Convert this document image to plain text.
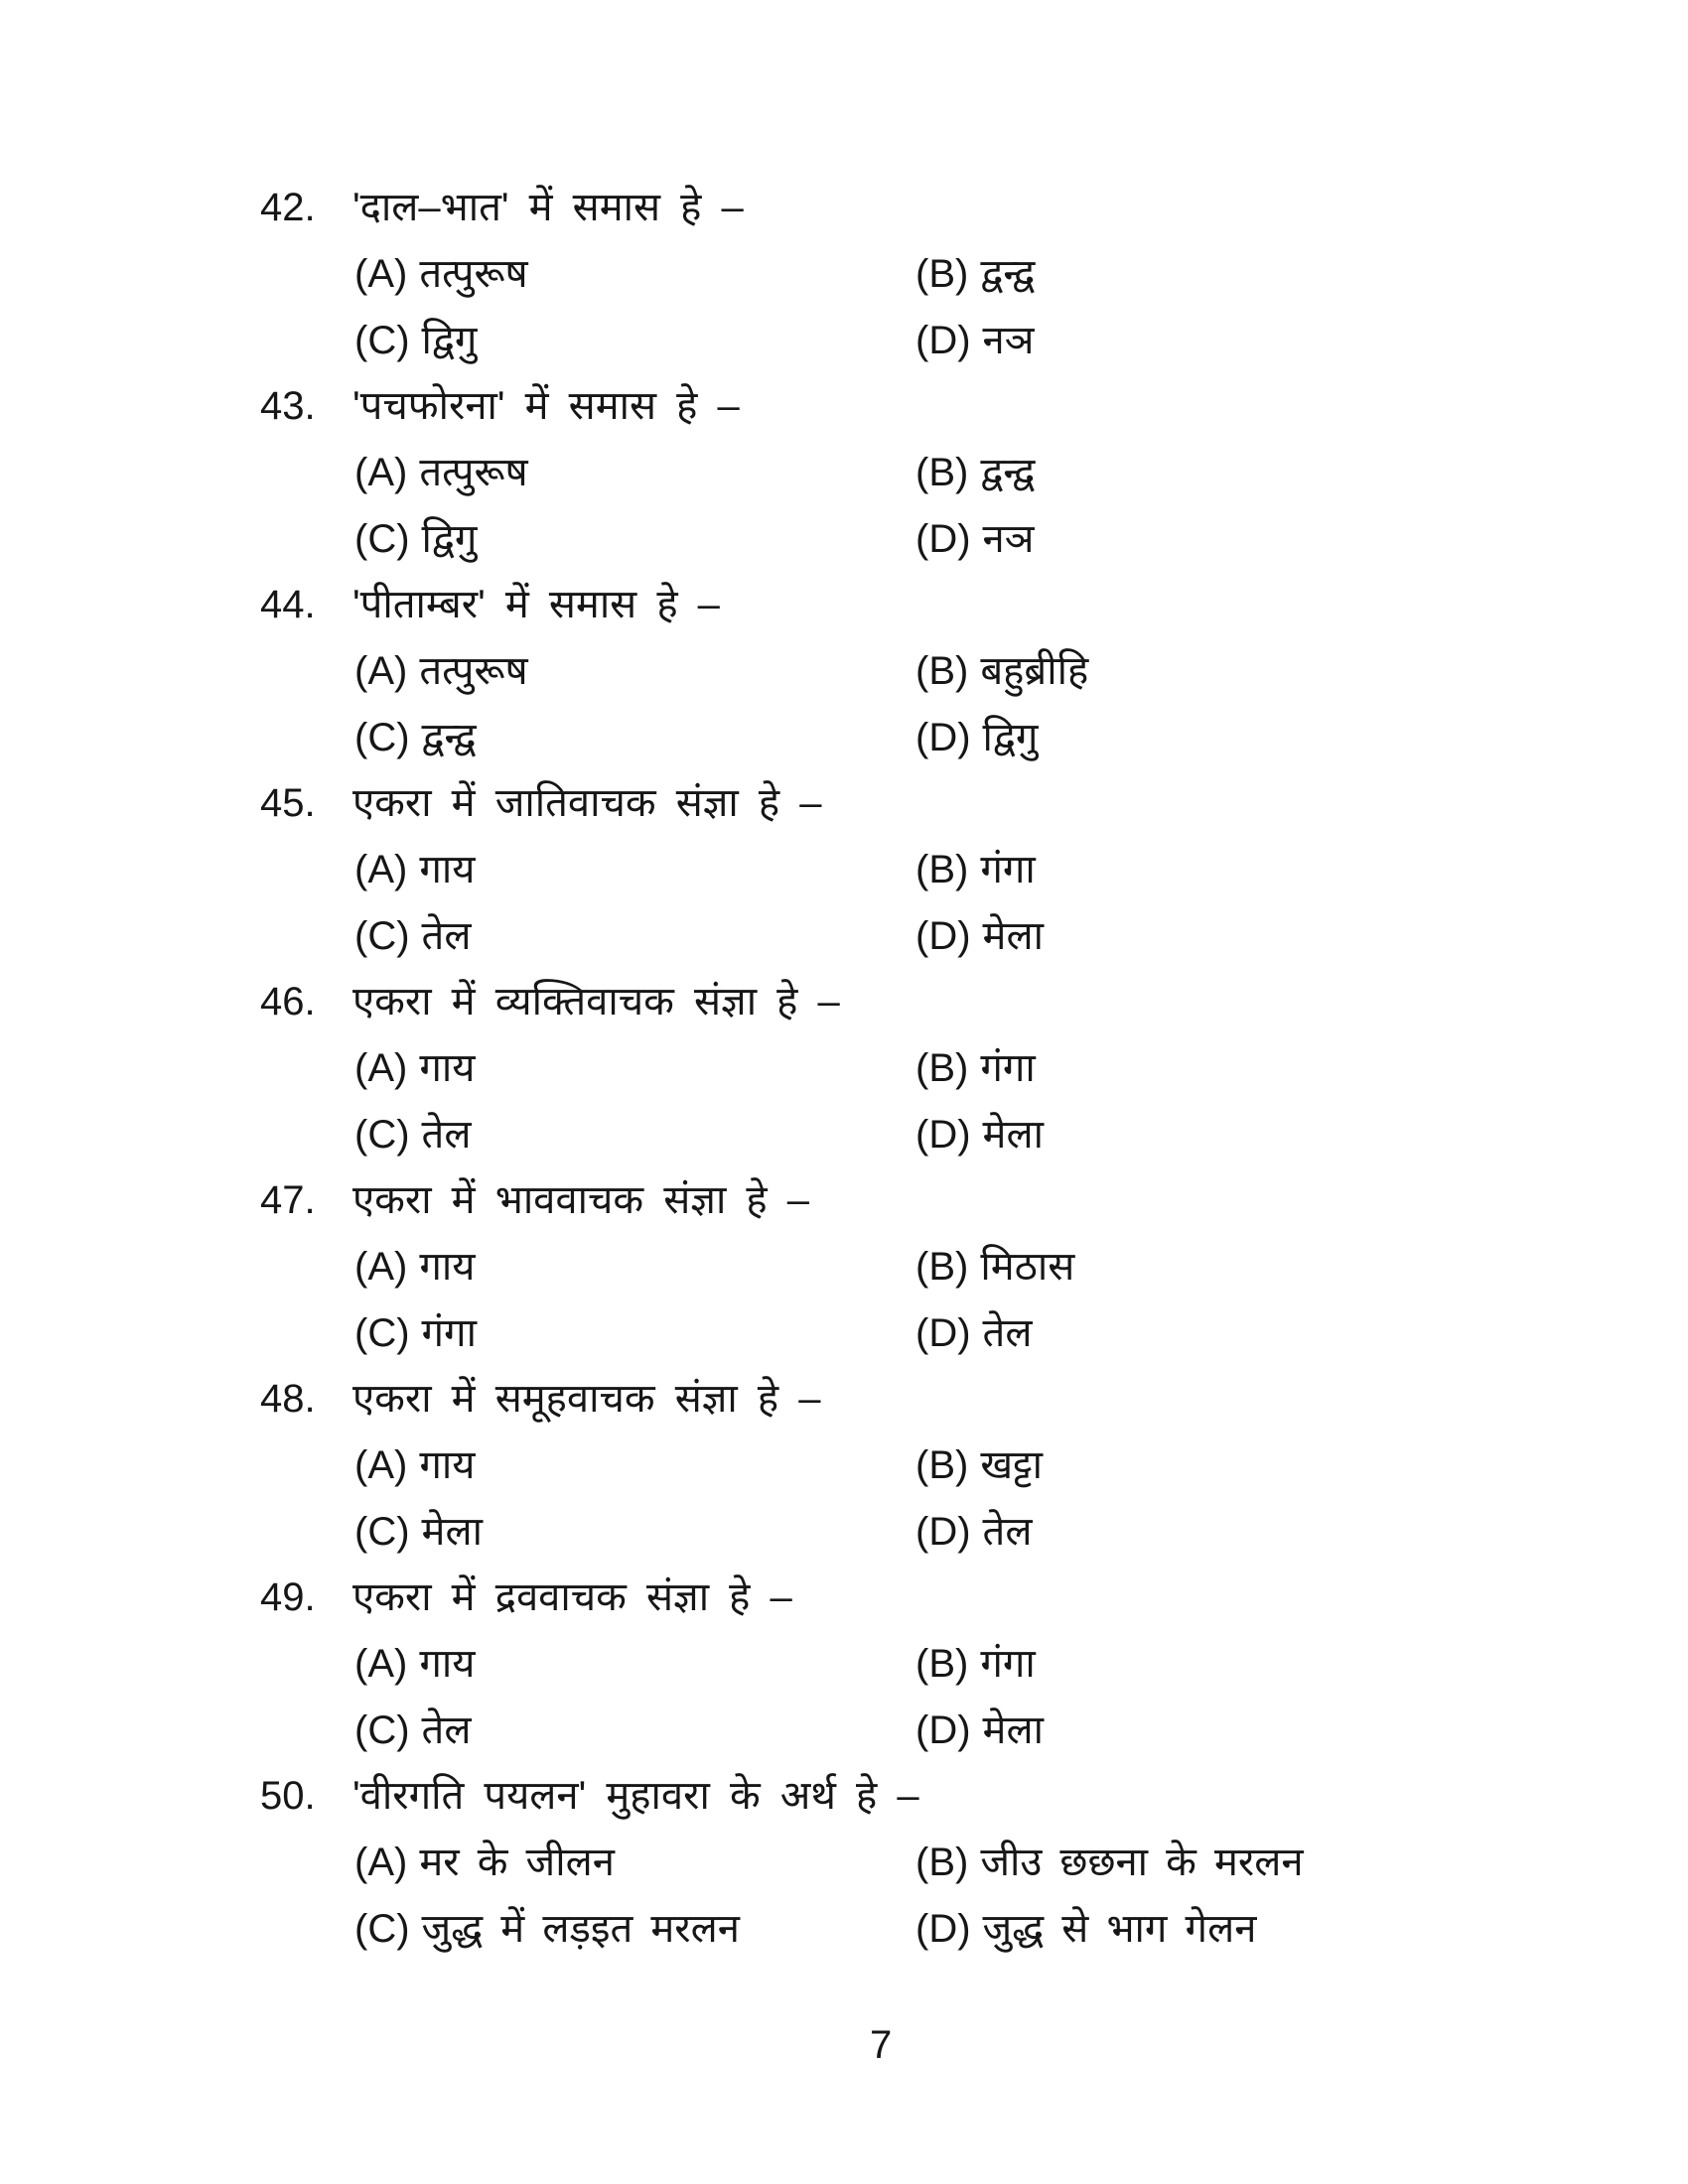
42. 'दाल–भात' में समास हे –
(A) तत्पुरूष	(B) द्वन्द्व
(C) द्विगु	(D) नञ
43. 'पचफोरना' में समास हे –
(A) तत्पुरूष	(B) द्वन्द्व
(C) द्विगु	(D) नञ
44. 'पीताम्बर' में समास हे –
(A) तत्पुरूष	(B) बहुब्रीहि
(C) द्वन्द्व	(D) द्विगु
45. एकरा में जातिवाचक संज्ञा हे –
(A) गाय	(B) गंगा
(C) तेल	(D) मेला
46. एकरा में व्यक्तिवाचक संज्ञा हे –
(A) गाय	(B) गंगा
(C) तेल	(D) मेला
47. एकरा में भाववाचक संज्ञा हे –
(A) गाय	(B) मिठास
(C) गंगा	(D) तेल
48. एकरा में समूहवाचक संज्ञा हे –
(A) गाय	(B) खट्टा
(C) मेला	(D) तेल
49. एकरा में द्रववाचक संज्ञा हे –
(A) गाय	(B) गंगा
(C) तेल	(D) मेला
50. 'वीरगति पयलन' मुहावरा के अर्थ हे –
(A) मर के जीलन	(B) जीउ छछना के मरलन
(C) जुद्ध में लड़इत मरलन	(D) जुद्ध से भाग गेलन
7
